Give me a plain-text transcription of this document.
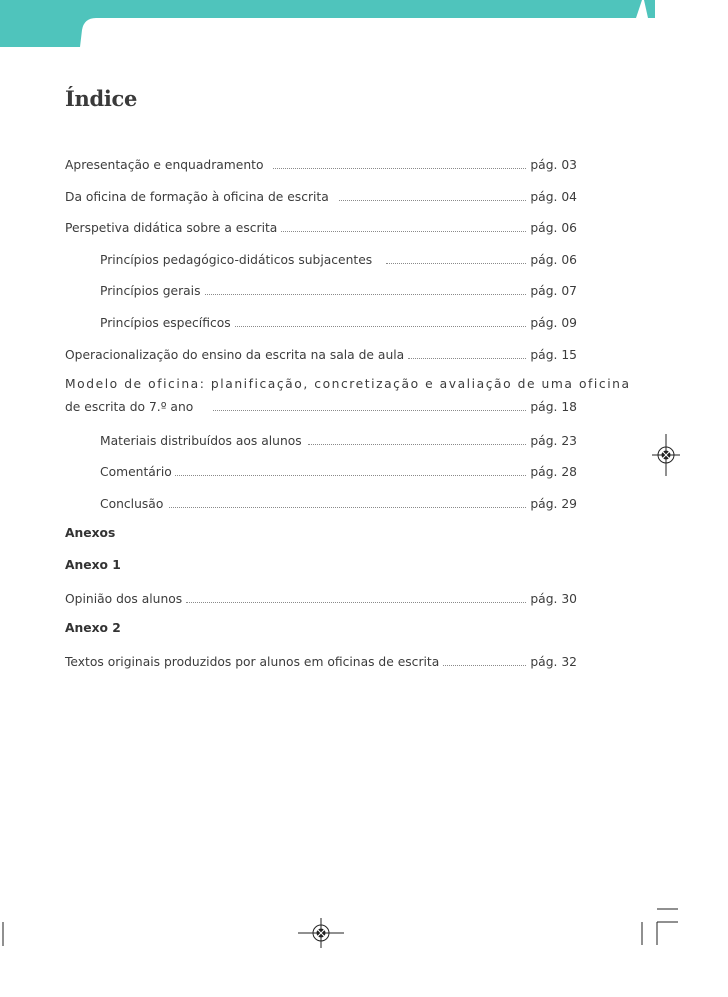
Índice
Apresentação e enquadramento	pág. 03
Da oficina de formação à oficina de escrita	pág. 04
Perspetiva didática sobre a escrita	pág. 06
Princípios pedagógico-didáticos subjacentes	pág. 06
Princípios gerais	pág. 07
Princípios específicos	pág. 09
Operacionalização do ensino da escrita na sala de aula	pág. 15
Modelo de oficina: planificação, concretização e avaliação de uma oficina
de escrita do 7.º ano	pág. 18
Materiais distribuídos aos alunos	pág. 23
Comentário	pág. 28
Conclusão	pág. 29
Anexos
Anexo 1
Opinião dos alunos	pág. 30
Anexo 2
Textos originais produzidos por alunos em oficinas de escrita	pág. 32
